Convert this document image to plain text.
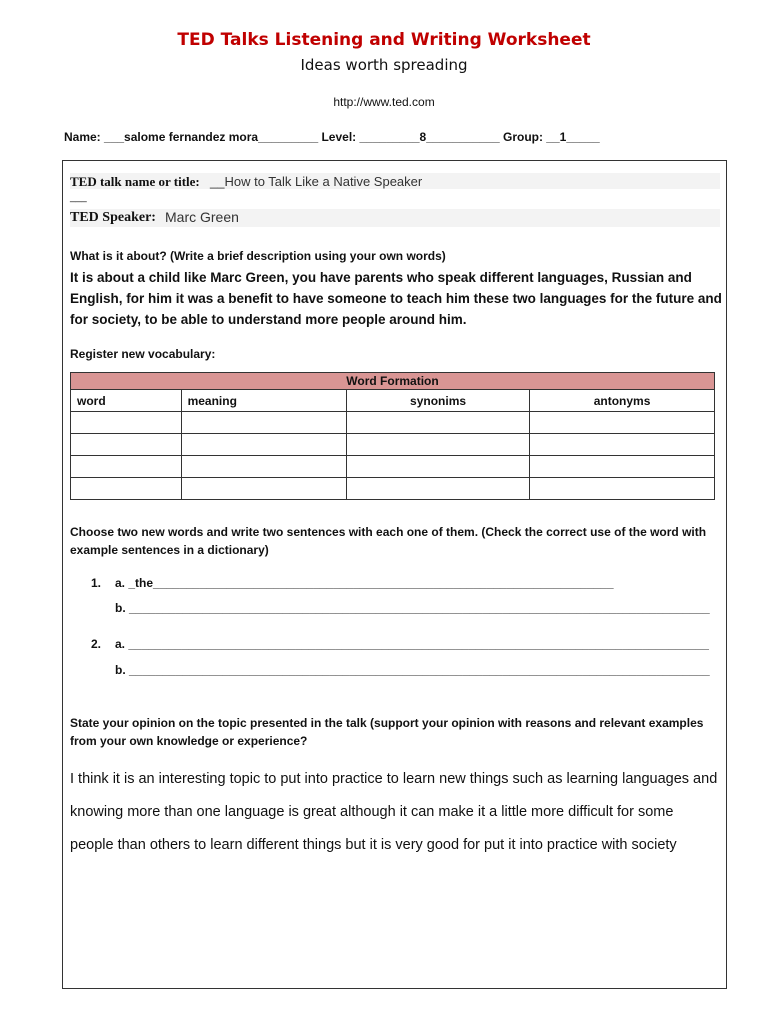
TED Talks Listening and Writing Worksheet
Ideas worth spreading
http://www.ted.com
Name: ___salome fernandez mora_________ Level: _________8___________ Group: __1_____
TED talk name or title: __How to Talk Like a Native Speaker
___
TED Speaker: Marc Green
What is it about? (Write a brief description using your own words)
It is about a child like Marc Green, you have parents who speak different languages, Russian and English, for him it was a benefit to have someone to teach him these two languages for the future and for society, to be able to understand more people around him.
Register new vocabulary:
Word Formation			
word	meaning	synonims	antonyms

Choose two new words and write two sentences with each one of them. (Check the correct use of the word with example sentences in a dictionary)
1. a. _the_____________________________________________________________________
b. _______________________________________________________________________________________
2. a. _______________________________________________________________________________________
b. _______________________________________________________________________________________
State your opinion on the topic presented in the talk (support your opinion with reasons and relevant examples from your own knowledge or experience?
I think it is an interesting topic to put into practice to learn new things such as learning languages and knowing more than one language is great although it can make it a little more difficult for some people than others to learn different things but it is very good for put it into practice with society
